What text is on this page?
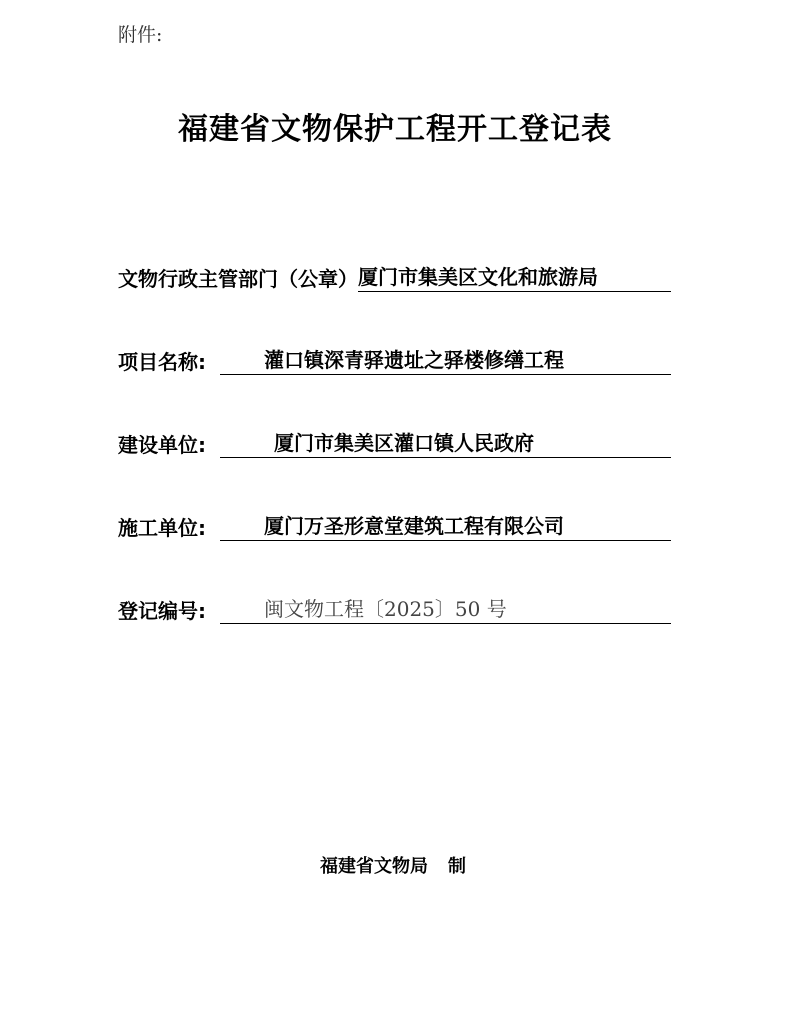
附件:
福建省文物保护工程开工登记表
文物行政主管部门（公章） 厦门市集美区文化和旅游局
项目名称:	灌口镇深青驿遗址之驿楼修缮工程
建设单位:	厦门市集美区灌口镇人民政府
施工单位:	厦门万圣形意堂建筑工程有限公司
登记编号:	闽文物工程〔2025〕50 号
福建省文物局 制
